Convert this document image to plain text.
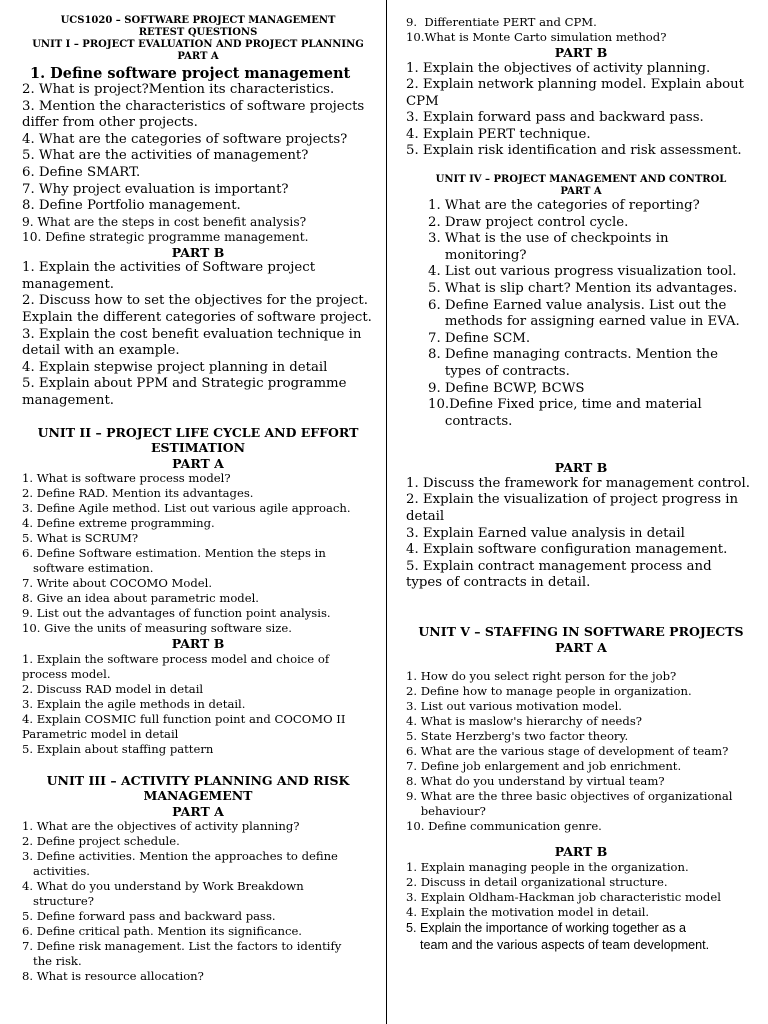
UCS1020 – SOFTWARE PROJECT MANAGEMENT

RETEST QUESTIONS

UNIT I – PROJECT EVALUATION AND PROJECT PLANNING

PART A

1. Define software project management

2. What is project?Mention its characteristics.

3. Mention the characteristics of software projects

differ from other projects.

4. What are the categories of software projects?

5. What are the activities of management?

6. Define SMART.

7. Why project evaluation is important?

8. Define Portfolio management.

9. What are the steps in cost benefit analysis?

10. Define strategic programme management.

PART B

1. Explain the activities of Software project

management.

2. Discuss how to set the objectives for the project.

Explain the different categories of software project.

3. Explain the cost benefit evaluation technique in

detail with an example.

4. Explain stepwise project planning in detail

5. Explain about PPM and Strategic programme

management.

UNIT II – PROJECT LIFE CYCLE AND EFFORT

ESTIMATION

PART A

1. What is software process model?

2. Define RAD. Mention its advantages.

3. Define Agile method. List out various agile approach.

4. Define extreme programming.

5. What is SCRUM?

6. Define Software estimation. Mention the steps in

software estimation.

7. Write about COCOMO Model.

8. Give an idea about parametric model.

9. List out the advantages of function point analysis.

10. Give the units of measuring software size.

PART B

1. Explain the software process model and choice of

process model.

2. Discuss RAD model in detail

3. Explain the agile methods in detail.

4. Explain COSMIC full function point and COCOMO II

Parametric model in detail

5. Explain about staffing pattern

UNIT III – ACTIVITY PLANNING AND RISK

MANAGEMENT

PART A

1. What are the objectives of activity planning?

2. Define project schedule.

3. Define activities. Mention the approaches to define

activities.

4. What do you understand by Work Breakdown

structure?

5. Define forward pass and backward pass.

6. Define critical path. Mention its significance.

7. Define risk management. List the factors to identify

the risk.

8. What is resource allocation?

9.  Differentiate PERT and CPM.

10.What is Monte Carto simulation method?

PART B

1. Explain the objectives of activity planning.

2. Explain network planning model. Explain about

CPM

3. Explain forward pass and backward pass.

4. Explain PERT technique.

5. Explain risk identification and risk assessment.

UNIT IV – PROJECT MANAGEMENT AND CONTROL

PART A

1. What are the categories of reporting?

2. Draw project control cycle.

3. What is the use of checkpoints in

monitoring?

4. List out various progress visualization tool.

5. What is slip chart? Mention its advantages.

6. Define Earned value analysis. List out the

methods for assigning earned value in EVA.

7. Define SCM.

8. Define managing contracts. Mention the

types of contracts.

9. Define BCWP, BCWS

10.Define Fixed price, time and material

contracts.

PART B

1. Discuss the framework for management control.

2. Explain the visualization of project progress in

detail

3. Explain Earned value analysis in detail

4. Explain software configuration management.

5. Explain contract management process and

types of contracts in detail.

UNIT V – STAFFING IN SOFTWARE PROJECTS

PART A

1. How do you select right person for the job?

2. Define how to manage people in organization.

3. List out various motivation model.

4. What is maslow's hierarchy of needs?

5. State Herzberg's two factor theory.

6. What are the various stage of development of team?

7. Define job enlargement and job enrichment.

8. What do you understand by virtual team?

9. What are the three basic objectives of organizational

behaviour?

10. Define communication genre.

PART B

1. Explain managing people in the organization.

2. Discuss in detail organizational structure.

3. Explain Oldham-Hackman job characteristic model

4. Explain the motivation model in detail.

5. Explain the importance of working together as a

team and the various aspects of team development.
